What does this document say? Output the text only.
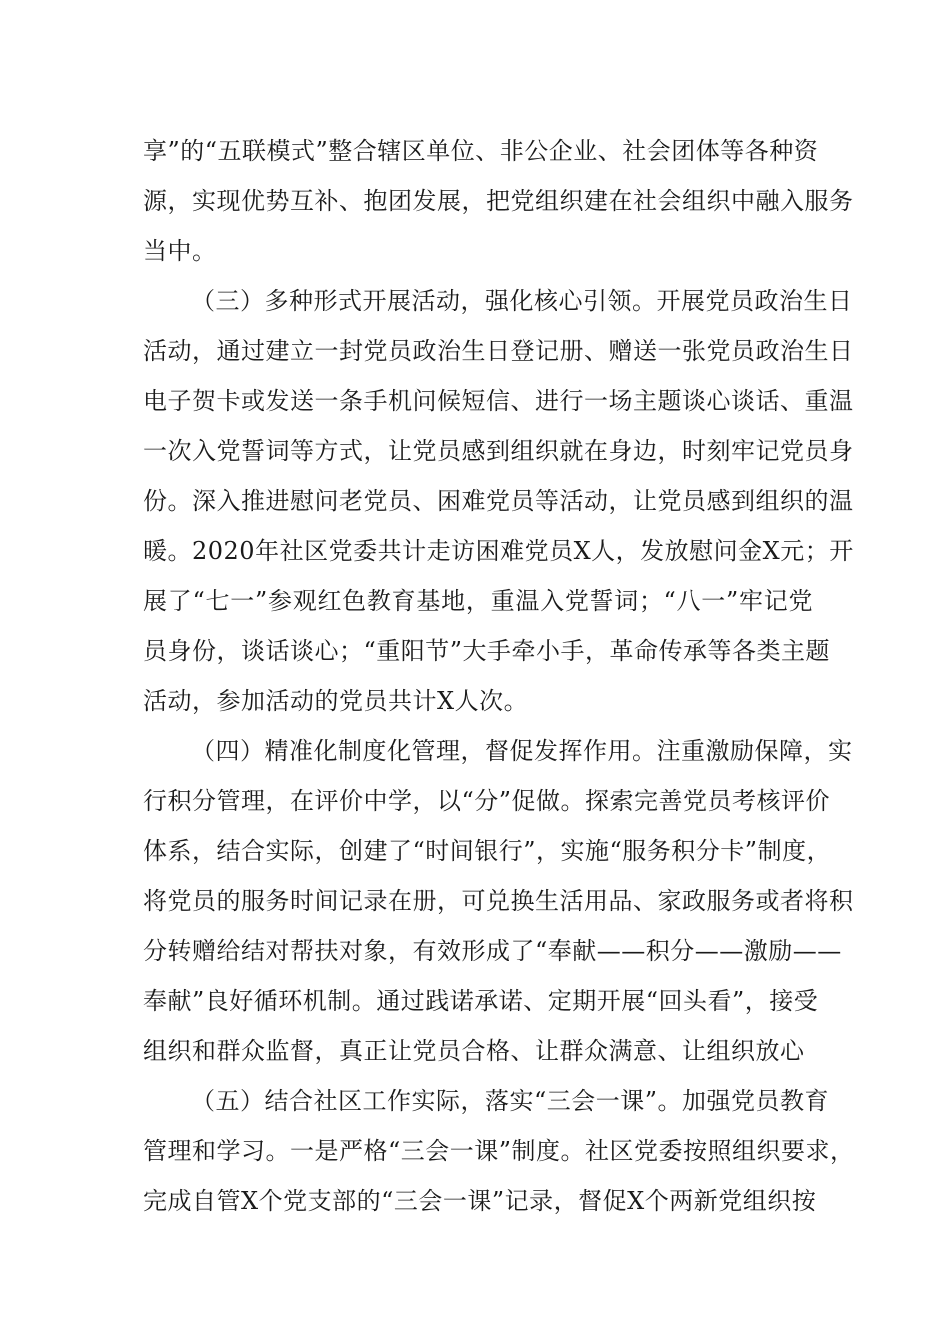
享”的“五联模式”整合辖区单位、非公企业、社会团体等各种资
源，实现优势互补、抱团发展，把党组织建在社会组织中融入服务
当中。
（三）多种形式开展活动，强化核心引领。开展党员政治生日
活动，通过建立一封党员政治生日登记册、赠送一张党员政治生日
电子贺卡或发送一条手机问候短信、进行一场主题谈心谈话、重温
一次入党誓词等方式，让党员感到组织就在身边，时刻牢记党员身
份。深入推进慰问老党员、困难党员等活动，让党员感到组织的温
暖。2020年社区党委共计走访困难党员X人，发放慰问金X元；开
展了“七一”参观红色教育基地，重温入党誓词；“八一”牢记党
员身份，谈话谈心；“重阳节”大手牵小手，革命传承等各类主题
活动，参加活动的党员共计X人次。
（四）精准化制度化管理，督促发挥作用。注重激励保障，实
行积分管理，在评价中学，以“分”促做。探索完善党员考核评价
体系，结合实际，创建了“时间银行”，实施“服务积分卡”制度，
将党员的服务时间记录在册，可兑换生活用品、家政服务或者将积
分转赠给结对帮扶对象，有效形成了“奉献——积分——激励——
奉献”良好循环机制。通过践诺承诺、定期开展“回头看”，接受
组织和群众监督，真正让党员合格、让群众满意、让组织放心
（五）结合社区工作实际，落实“三会一课”。加强党员教育
管理和学习。一是严格“三会一课”制度。社区党委按照组织要求，
完成自管X个党支部的“三会一课”记录，督促X个两新党组织按
